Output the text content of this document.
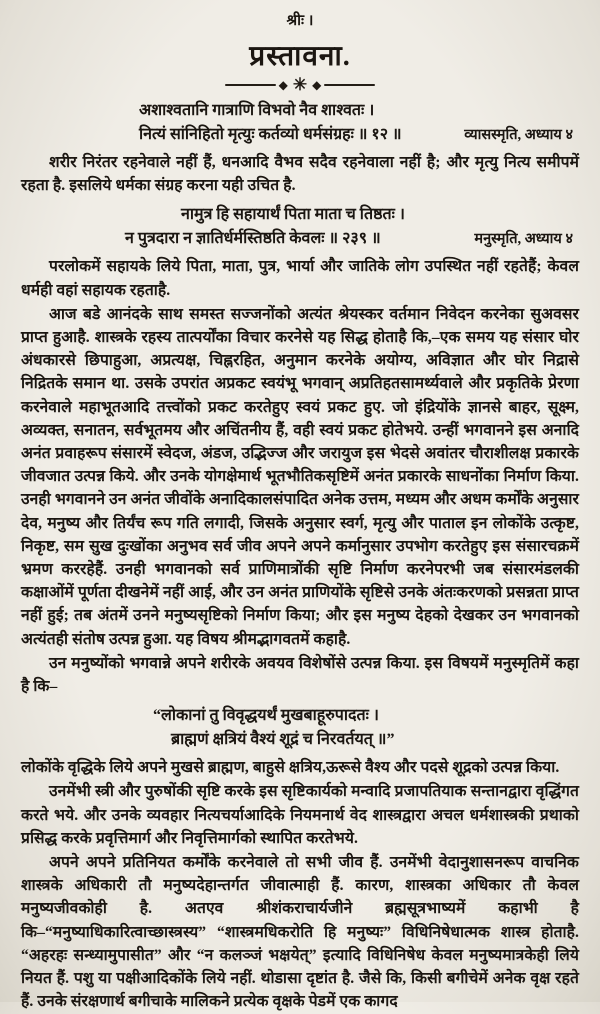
श्रीः ।
प्रस्तावना.
◆ ✳ ◆
अशाश्वतानि गात्राणि विभवो नैव शाश्वतः ।
नित्यं सांनिहितो मृत्युः कर्तव्यो धर्मसंग्रहः ॥ १२ ॥	व्यासस्मृति, अध्याय ४

शरीर निरंतर रहनेवाले नहीं हैं, धनआदि वैभव सदैव रहनेवाला नहीं है; और मृत्यु नित्य समीपमें रहता है. इसलिये धर्मका संग्रह करना यही उचित है.

नामुत्र हि सहायार्थं पिता माता च तिष्ठतः ।
न पुत्रदारा न ज्ञातिर्धर्मस्तिष्ठति केवलः ॥ २३९ ॥	मनुस्मृति, अध्याय ४

परलोकमें सहायके लिये पिता, माता, पुत्र, भार्या और जातिके लोग उपस्थित नहीं रहतेहैं; केवल धर्मही वहां सहायक रहताहै.

आज बडे आनंदके साथ समस्त सज्जनोंको अत्यंत श्रेयस्कर वर्तमान निवेदन करनेका सुअवसर प्राप्त हुआहै. शास्त्रके रहस्य तात्पर्योंका विचार करनेसे यह सिद्ध होताहै कि,–एक समय यह संसार घोर अंधकारसे छिपाहुआ, अप्रत्यक्ष, चिह्नरहित, अनुमान करनेके अयोग्य, अविज्ञात और घोर निद्रासे निद्रितके समान था. उसके उपरांत अप्रकट स्वयंभू भगवान् अप्रतिहतसामर्थ्यवाले और प्रकृतिके प्रेरणा करनेवाले महाभूतआदि तत्त्वोंको प्रकट करतेहुए स्वयं प्रकट हुए. जो इंद्रियोंके ज्ञानसे बाहर, सूक्ष्म, अव्यक्त, सनातन, सर्वभूतमय और अचिंतनीय हैं, वही स्वयं प्रकट होतेभये. उन्हीं भगवानने इस अनादि अनंत प्रवाहरूप संसारमें स्वेदज, अंडज, उद्भिज्ज और जरायुज इस भेदसे अवांतर चौराशीलक्ष प्रकारके जीवजात उत्पन्न किये. और उनके योगक्षेमार्थ भूतभौतिकसृष्टिमें अनंत प्रकारके साधनोंका निर्माण किया. उनही भगवानने उन अनंत जीवोंके अनादिकालसंपादित अनेक उत्तम, मध्यम और अधम कर्मोंके अनुसार देव, मनुष्य और तिर्यंच रूप गति लगादी, जिसके अनुसार स्वर्ग, मृत्यु और पाताल इन लोकोंके उत्कृष्ट, निकृष्ट, सम सुख दुःखोंका अनुभव सर्व जीव अपने अपने कर्मानुसार उपभोग करतेहुए इस संसारचक्रमें भ्रमण कररहेहैं. उनही भगवानको सर्व प्राणिमात्रोंकी सृष्टि निर्माण करनेपरभी जब संसारमंडलकी कक्षाओंमें पूर्णता दीखनेमें नहीं आई, और उन अनंत प्राणियोंके सृष्टिसे उनके अंतःकरणको प्रसन्नता प्राप्त नहीं हुई; तब अंतमें उनने मनुष्यसृष्टिको निर्माण किया; और इस मनुष्य देहको देखकर उन भगवानको अत्यंतही संतोष उत्पन्न हुआ. यह विषय श्रीमद्भागवतमें कहाहै.

उन मनुष्योंको भगवान्ने अपने शरीरके अवयव विशेषोंसे उत्पन्न किया. इस विषयमें मनुस्मृतिमें कहा है कि–

“लोकानां तु विवृद्धयर्थं मुखबाहूरुपादतः ।
ब्राह्मणं क्षत्रियं वैश्यं शूद्रं च निरवर्तयत् ॥”

लोकोंके वृद्धिके लिये अपने मुखसे ब्राह्मण, बाहुसे क्षत्रिय,ऊरूसे वैश्य और पदसे शूद्रको उत्पन्न किया.

उनमेंभी स्त्री और पुरुषोंकी सृष्टि करके इस सृष्टिकार्यको मन्वादि प्रजापतियाक सन्तानद्वारा वृद्धिंगत करते भये. और उनके व्यवहार नित्यचर्याआदिके नियमनार्थ वेद शास्त्रद्वारा अचल धर्मशास्त्रकी प्रथाको प्रसिद्ध करके प्रवृत्तिमार्ग और निवृत्तिमार्गको स्थापित करतेभये.

अपने अपने प्रतिनियत कर्मोंके करनेवाले तो सभी जीव हैं. उनमेंभी वेदानुशासनरूप वाचनिक शास्त्रके अधिकारी तौ मनुष्यदेहान्तर्गत जीवात्माही हैं. कारण, शास्त्रका अधिकार तौ केवल मनुष्यजीवकोही है. अतएव श्रीशंकराचार्यजीने ब्रह्मसूत्रभाष्यमें कहाभी है कि–“मनुष्याधिकारित्वाच्छास्त्रस्य” “शास्त्रमधिकरोति हि मनुष्यः” विधिनिषेधात्मक शास्त्र होताहै. “अहरहः सन्ध्यामुपासीत” और “न कलञ्जं भक्षयेत्” इत्यादि विधिनिषेध केवल मनुष्यमात्रकेही लिये नियत हैं. पशु या पक्षीआदिकोंके लिये नहीं. थोडासा दृष्टांत है. जैसे कि, किसी बगीचेमें अनेक वृक्ष रहते हैं. उनके संरक्षणार्थ बगीचाके मालिकने प्रत्येक वृक्षके पेडमें एक कागद
